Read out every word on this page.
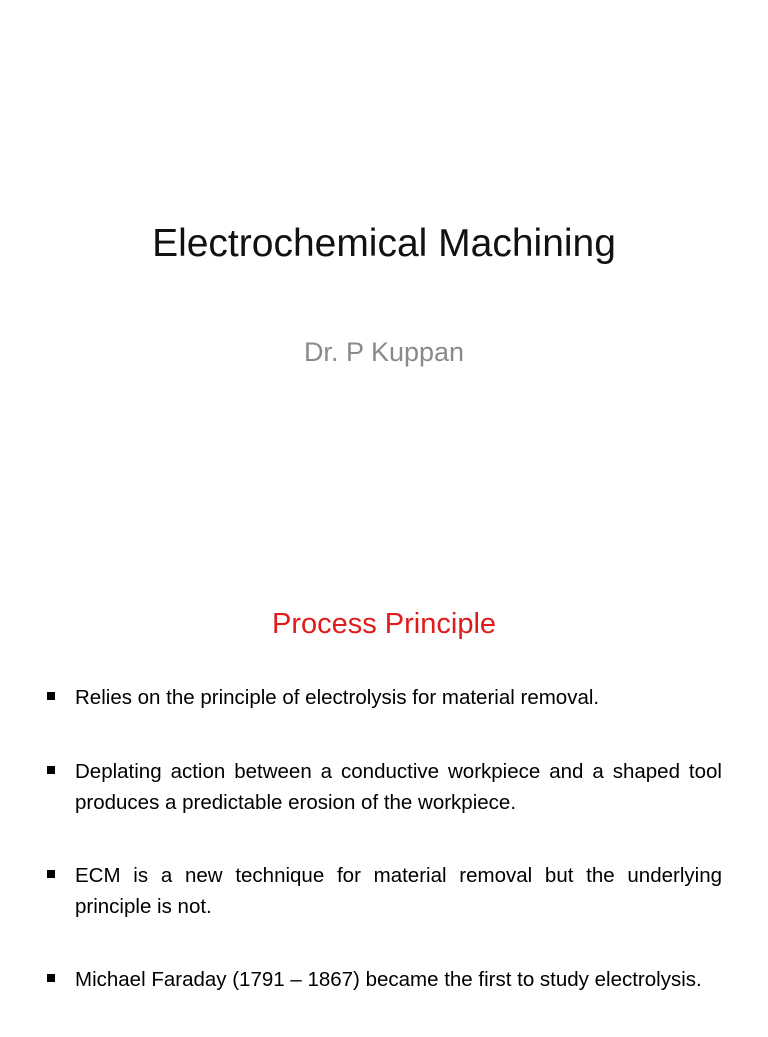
Electrochemical Machining
Dr. P Kuppan
Process Principle
Relies on the principle of electrolysis for material removal.
Deplating action between a conductive workpiece and a shaped tool produces a predictable erosion of the workpiece.
ECM is a new technique for material removal but the underlying principle is not.
Michael Faraday (1791 – 1867) became the first to study electrolysis.
